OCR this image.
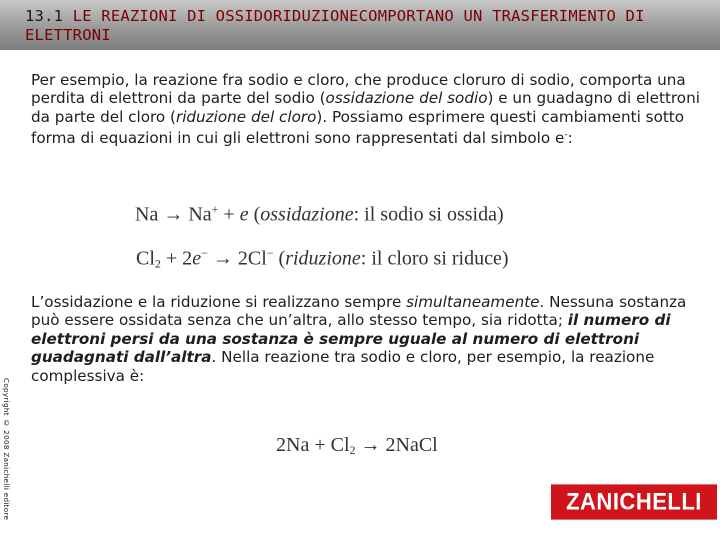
13.1 LE REAZIONI DI OSSIDORIDUZIONECOMPORTANO UN TRASFERIMENTO DI ELETTRONI
Per esempio, la reazione fra sodio e cloro, che produce cloruro di sodio, comporta una perdita di elettroni da parte del sodio (ossidazione del sodio) e un guadagno di elettroni da parte del cloro (riduzione del cloro). Possiamo esprimere questi cambiamenti sotto forma di equazioni in cui gli elettroni sono rappresentati dal simbolo e-:
Na → Na+ + e (ossidazione: il sodio si ossida)
$Cl_2 + 2e^- \to 2Cl^-$ (riduzione: il cloro si riduce)
L’ossidazione e la riduzione si realizzano sempre simultaneamente. Nessuna sostanza può essere ossidata senza che un’altra, allo stesso tempo, sia ridotta; il numero di elettroni persi da una sostanza è sempre uguale al numero di elettroni guadagnati dall’altra. Nella reazione tra sodio e cloro, per esempio, la reazione complessiva è:
$2Na + Cl_2$ → 2NaCl
Copyright © 2008 Zanichelli editore	ZANICHELLI
